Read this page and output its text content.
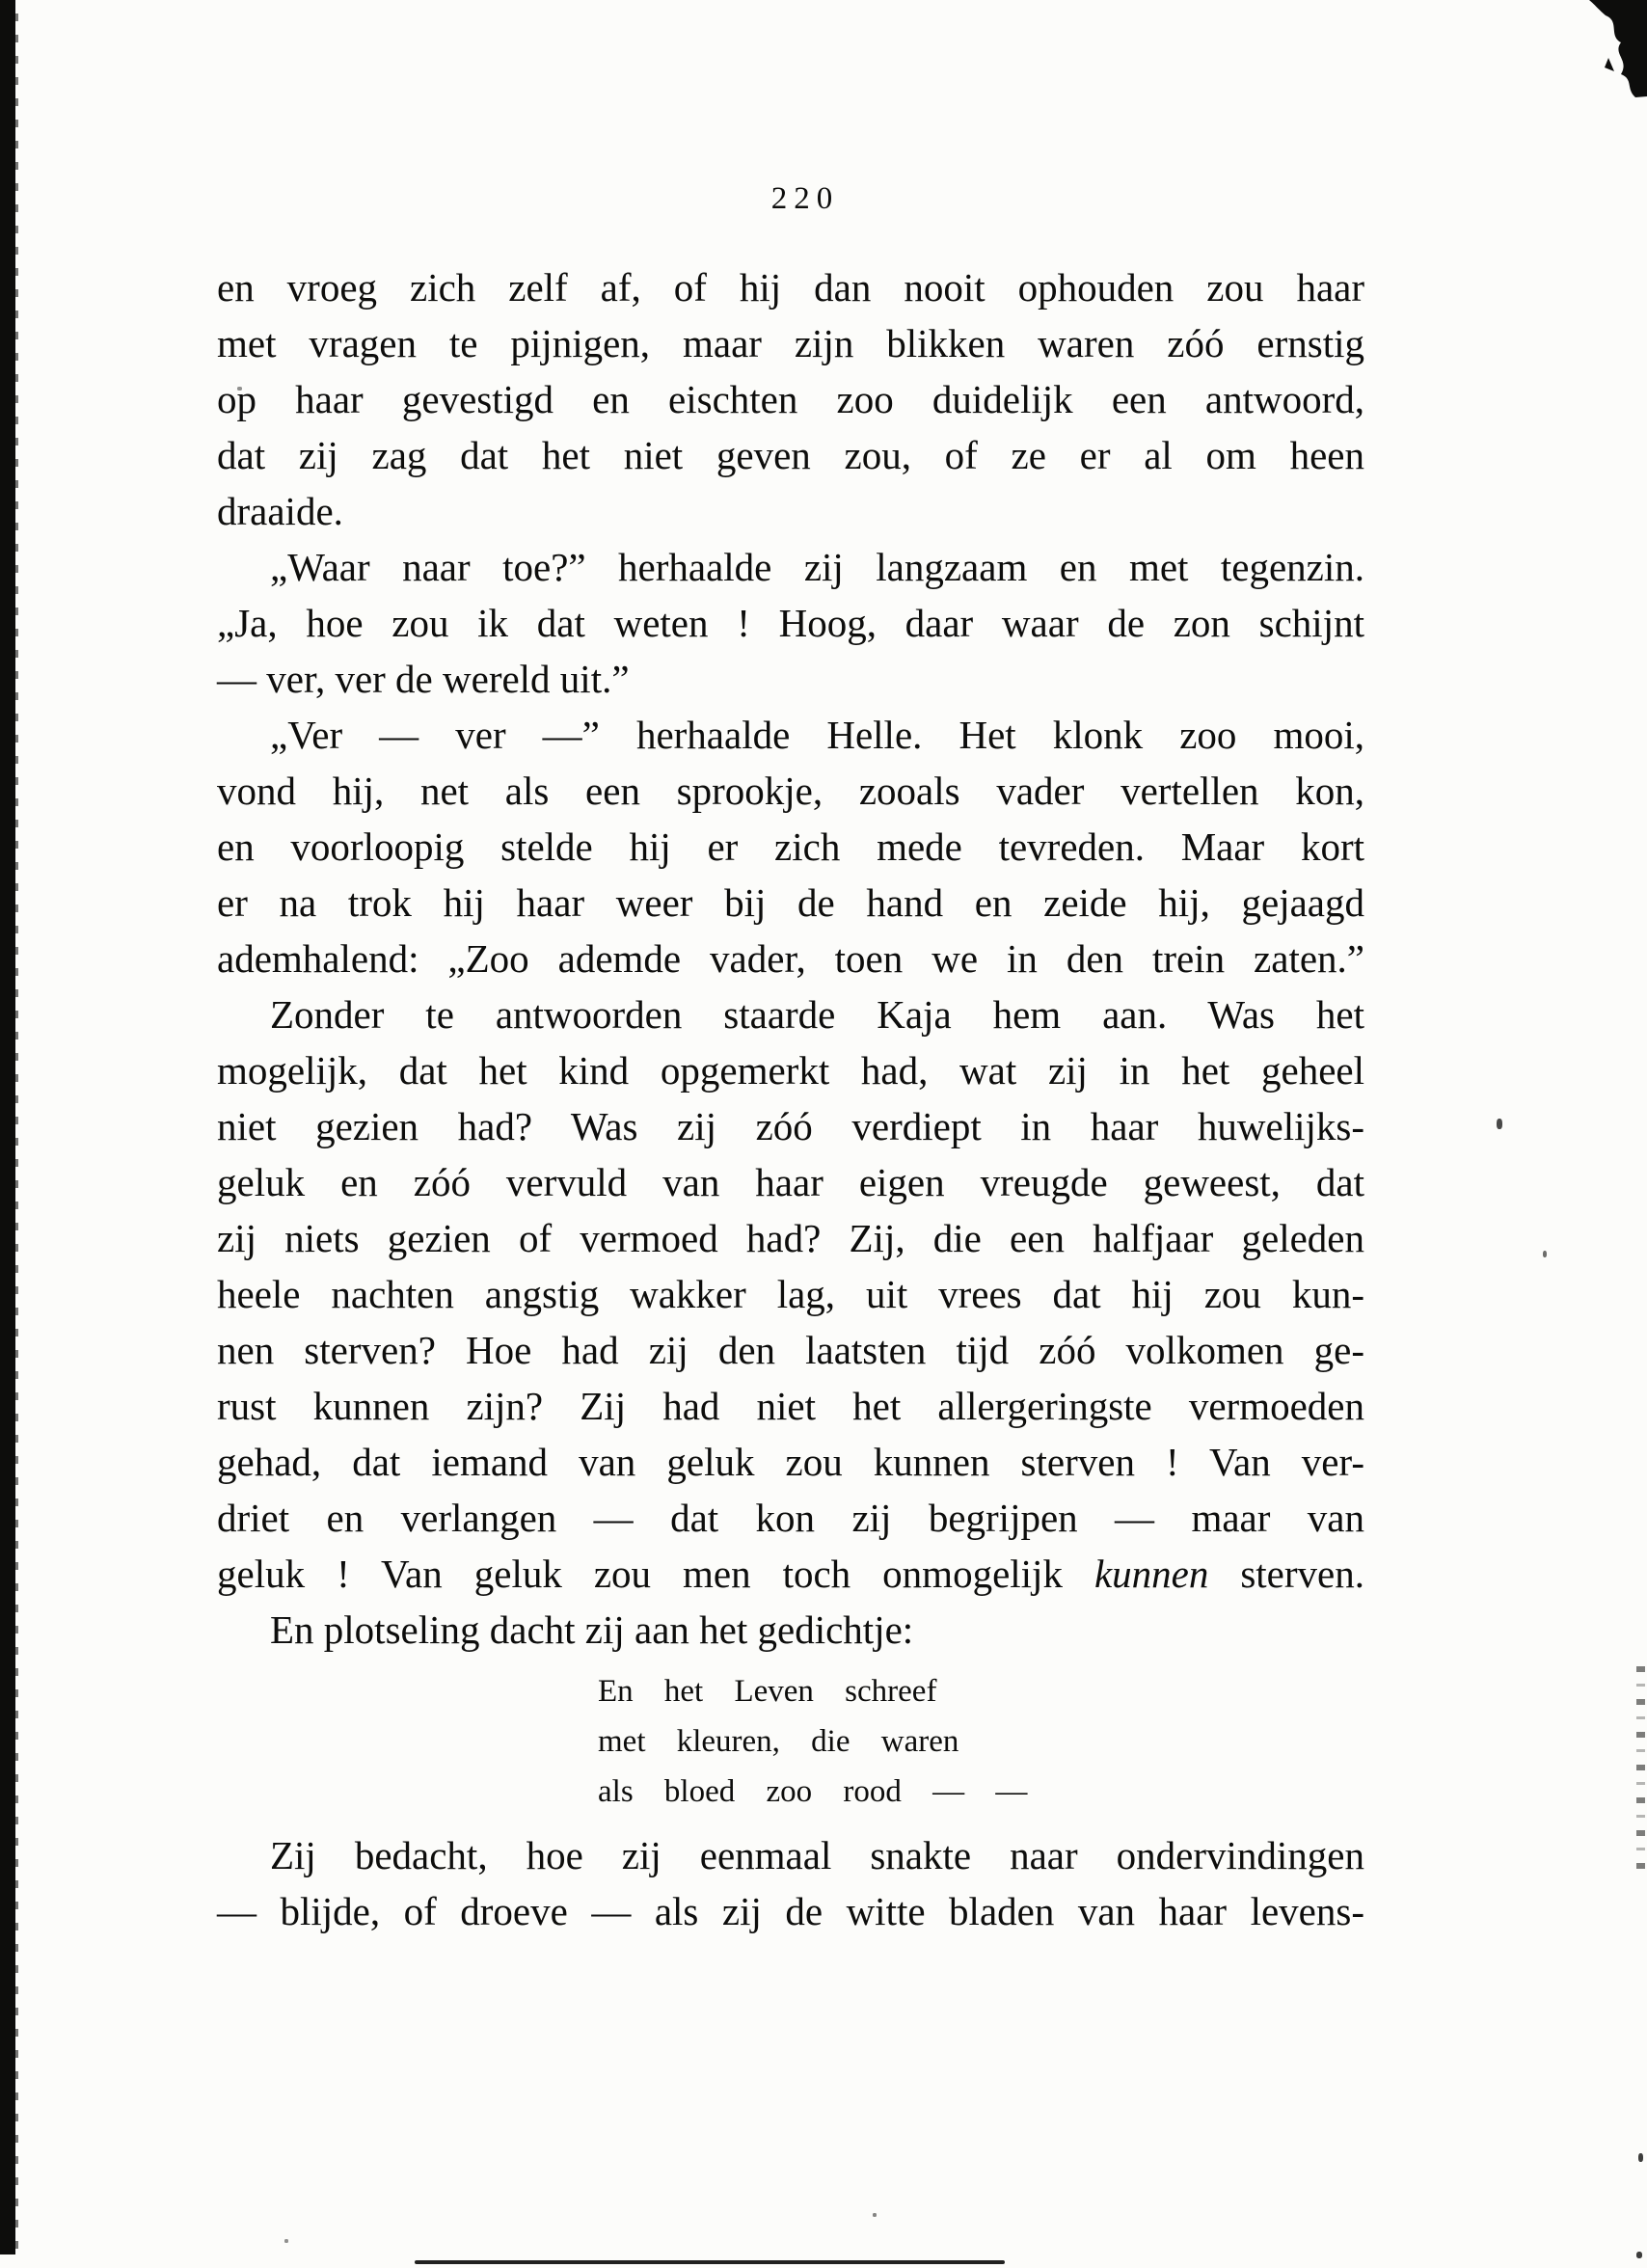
220
en vroeg zich zelf af, of hij dan nooit ophouden zou haar
met vragen te pijnigen, maar zijn blikken waren zóó ernstig
op haar gevestigd en eischten zoo duidelijk een antwoord,
dat zij zag dat het niet geven zou, of ze er al om heen
draaide.
„Waar naar toe?” herhaalde zij langzaam en met tegenzin.
„Ja, hoe zou ik dat weten ! Hoog, daar waar de zon schijnt
— ver, ver de wereld uit.”
„Ver — ver —” herhaalde Helle. Het klonk zoo mooi,
vond hij, net als een sprookje, zooals vader vertellen kon,
en voorloopig stelde hij er zich mede tevreden. Maar kort
er na trok hij haar weer bij de hand en zeide hij, gejaagd
ademhalend: „Zoo ademde vader, toen we in den trein zaten.”
Zonder te antwoorden staarde Kaja hem aan. Was het
mogelijk, dat het kind opgemerkt had, wat zij in het geheel
niet gezien had? Was zij zóó verdiept in haar huwelijks-
geluk en zóó vervuld van haar eigen vreugde geweest, dat
zij niets gezien of vermoed had? Zij, die een halfjaar geleden
heele nachten angstig wakker lag, uit vrees dat hij zou kun-
nen sterven? Hoe had zij den laatsten tijd zóó volkomen ge-
rust kunnen zijn? Zij had niet het allergeringste vermoeden
gehad, dat iemand van geluk zou kunnen sterven ! Van ver-
driet en verlangen — dat kon zij begrijpen — maar van
geluk ! Van geluk zou men toch onmogelijk kunnen sterven.
En plotseling dacht zij aan het gedichtje:
En het Leven schreef
met kleuren, die waren
als bloed zoo rood — —
Zij bedacht, hoe zij eenmaal snakte naar ondervindingen
— blijde, of droeve — als zij de witte bladen van haar levens-
